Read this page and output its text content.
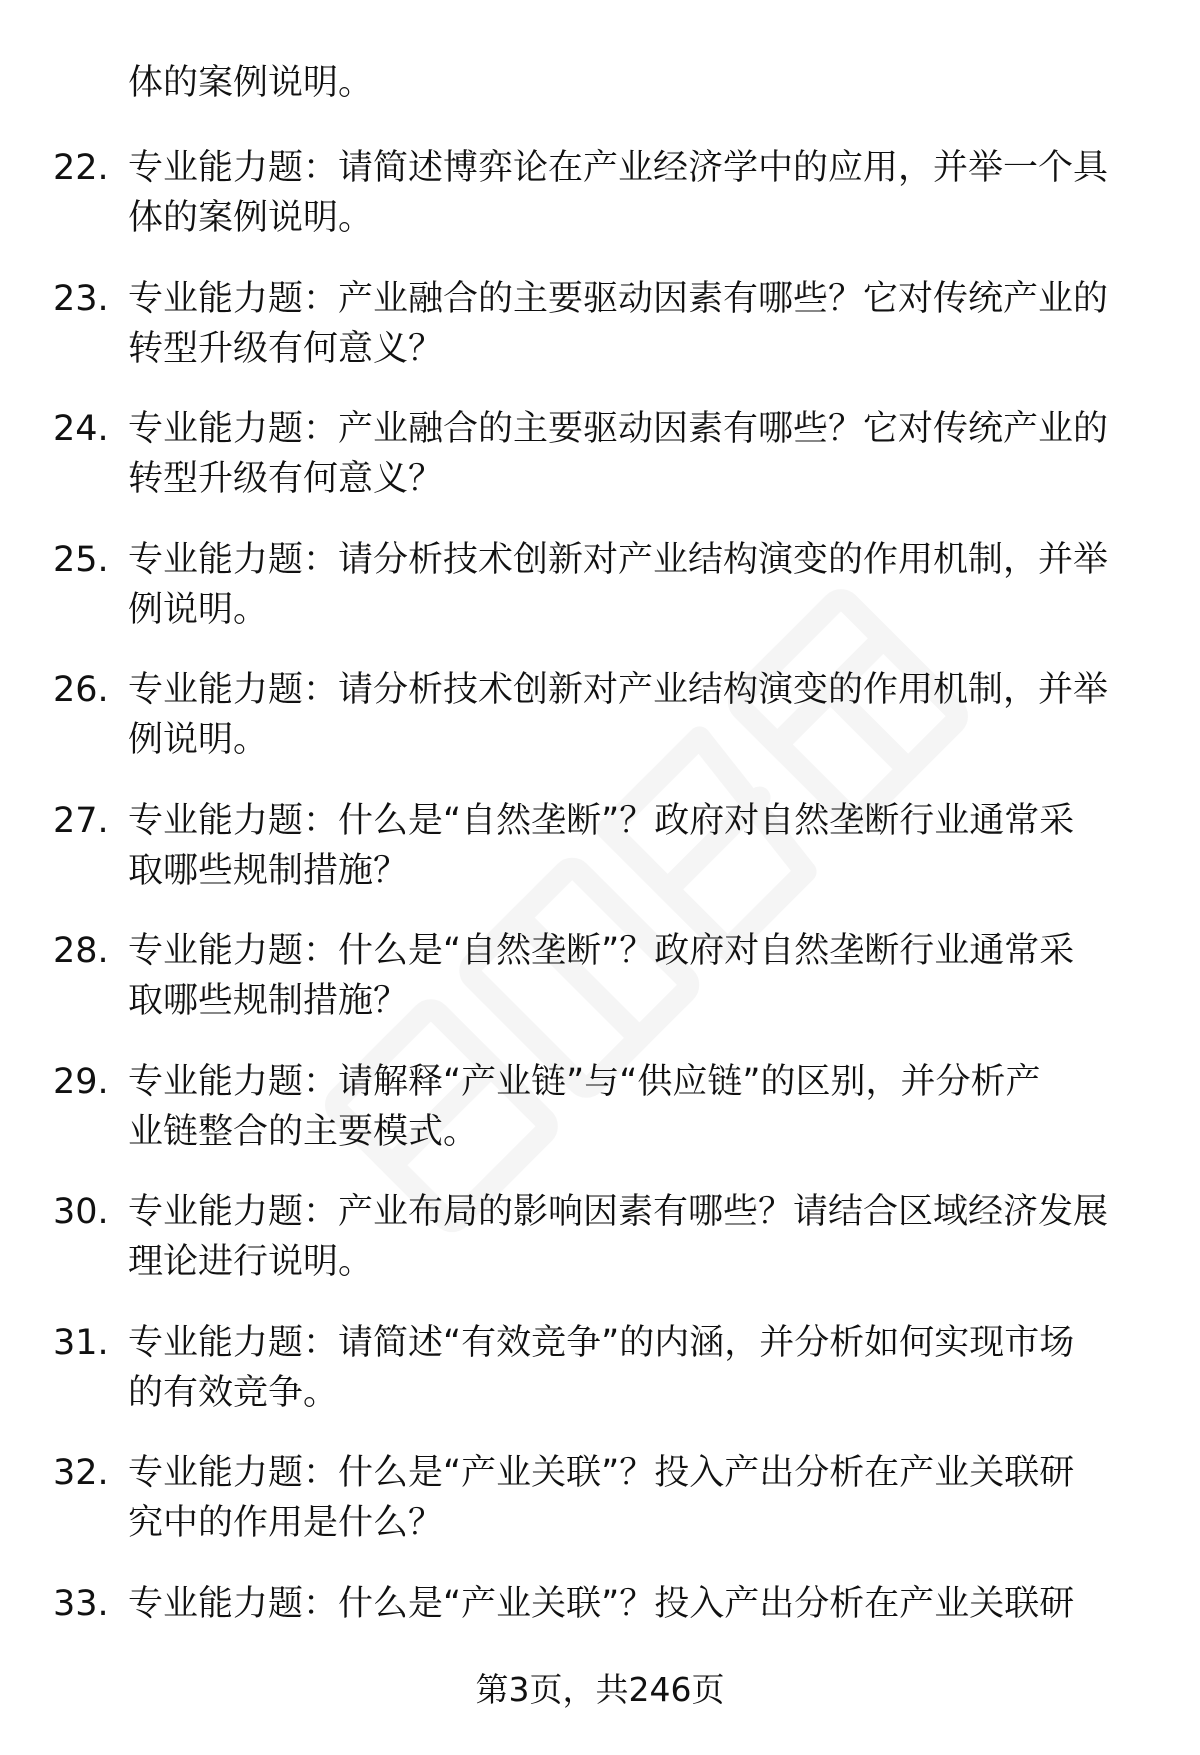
体的案例说明。
22. 专业能力题：请简述博弈论在产业经济学中的应用，并举一个具
体的案例说明。
23. 专业能力题：产业融合的主要驱动因素有哪些？它对传统产业的
转型升级有何意义？
24. 专业能力题：产业融合的主要驱动因素有哪些？它对传统产业的
转型升级有何意义？
25. 专业能力题：请分析技术创新对产业结构演变的作用机制，并举
例说明。
26. 专业能力题：请分析技术创新对产业结构演变的作用机制，并举
例说明。
27. 专业能力题：什么是“自然垄断”？政府对自然垄断行业通常采
取哪些规制措施？
28. 专业能力题：什么是“自然垄断”？政府对自然垄断行业通常采
取哪些规制措施？
29. 专业能力题：请解释“产业链”与“供应链”的区别，并分析产
业链整合的主要模式。
30. 专业能力题：产业布局的影响因素有哪些？请结合区域经济发展
理论进行说明。
31. 专业能力题：请简述“有效竞争”的内涵，并分析如何实现市场
的有效竞争。
32. 专业能力题：什么是“产业关联”？投入产出分析在产业关联研
究中的作用是什么？
33. 专业能力题：什么是“产业关联”？投入产出分析在产业关联研
第3页，共246页
